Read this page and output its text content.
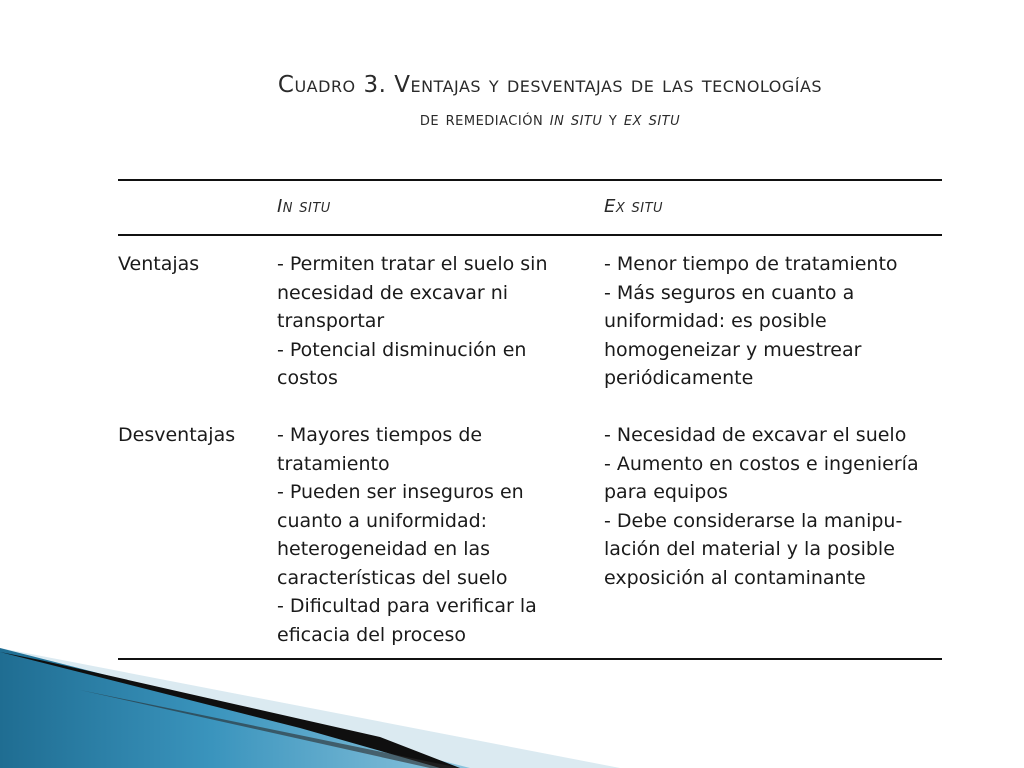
Cuadro 3. Ventajas y desventajas de las tecnologías
de remediación in situ y ex situ
In situ	Ex situ
Ventajas	- Permiten tratar el suelo sin
necesidad de excavar ni
transportar
- Potencial disminución en
costos
- Menor tiempo de tratamiento
- Más seguros en cuanto a
uniformidad: es posible
homogeneizar y muestrear
periódicamente
Desventajas - Mayores tiempos de
tratamiento
- Pueden ser inseguros en
cuanto a uniformidad:
heterogeneidad en las
características del suelo
- Dificultad para verificar la
eficacia del proceso
- Necesidad de excavar el suelo
- Aumento en costos e ingeniería
para equipos
- Debe considerarse la manipu-
lación del material y la posible
exposición al contaminante
